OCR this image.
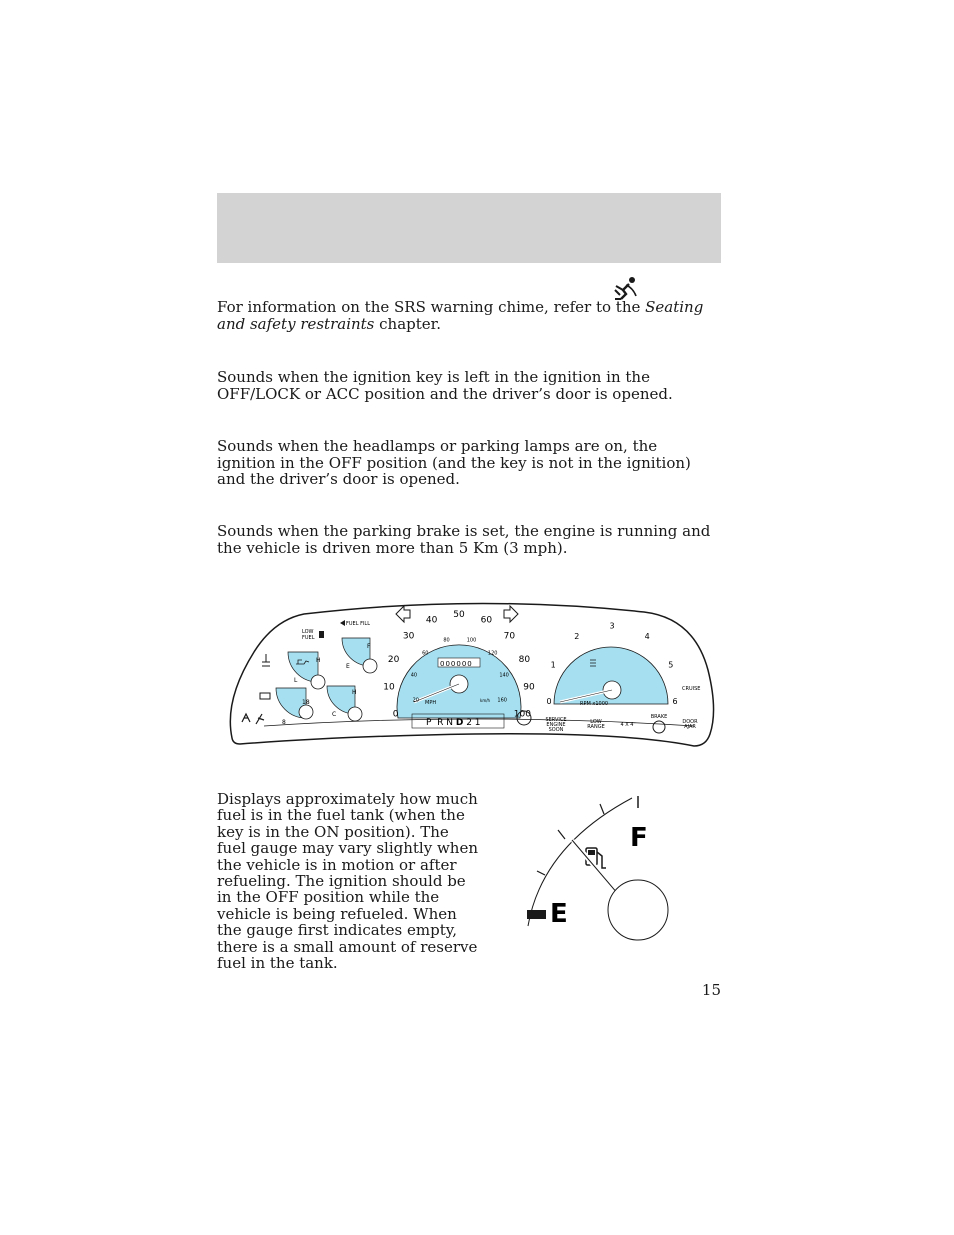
For information on the SRS warning chime, refer to the Seating and safety restraints chapter.

Sounds when the ignition key is left in the ignition in the OFF/LOCK or ACC position and the driver’s door is opened.

Sounds when the headlamps or parking lamps are on, the ignition in the OFF position (and the key is not in the ignition) and the driver’s door is opened.

Sounds when the parking brake is set, the engine is running and the vehicle is driven more than 5 Km (3 mph).

LOW
FUEL
FUEL FILL
H
L
18
8
F
E
H
C
000000
MPH	km/h
0
10
20
30
40
50
60
70
80
90
100
20
40
60
80	100
120
140
160
P  R N D 2 1
RPM x1000
0
1
2
3
4
5
6
CRUISE
SERVICE
ENGINE
SOON
LOW
RANGE	4 X 4
BRAKE
DOOR
AJAR

Displays approximately how much fuel is in the fuel tank (when the key is in the ON position). The fuel gauge may vary slightly when the vehicle is in motion or after refueling. The ignition should be in the OFF position while the vehicle is being refueled. When the gauge first indicates empty, there is a small amount of reserve fuel in the tank.

F
E
15
